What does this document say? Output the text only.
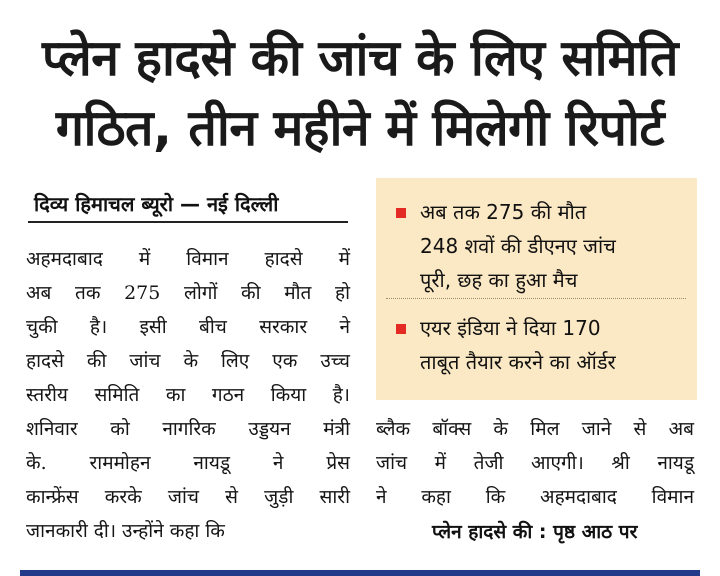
प्लेन हादसे की जांच के लिए समिति
गठित, तीन महीने में मिलेगी रिपोर्ट
दिव्य हिमाचल ब्यूरो — नई दिल्ली
अहमदाबाद में विमान हादसे में
अब तक 275 लोगों की मौत हो
चुकी है। इसी बीच सरकार ने
हादसे की जांच के लिए एक उच्च
स्तरीय समिति का गठन किया है।
शनिवार को नागरिक उड्डयन मंत्री
के. राममोहन नायडू ने प्रेस
कान्फ्रेंस करके जांच से जुड़ी सारी
जानकारी दी। उन्होंने कहा कि
अब तक 275 की मौत
248 शवों की डीएनए जांच
पूरी, छह का हुआ मैच
एयर इंडिया ने दिया 170
ताबूत तैयार करने का ऑर्डर
ब्लैक बॉक्स के मिल जाने से अब
जांच में तेजी आएगी। श्री नायडू
ने कहा कि अहमदाबाद विमान
प्लेन हादसे की : पृष्ठ आठ पर
